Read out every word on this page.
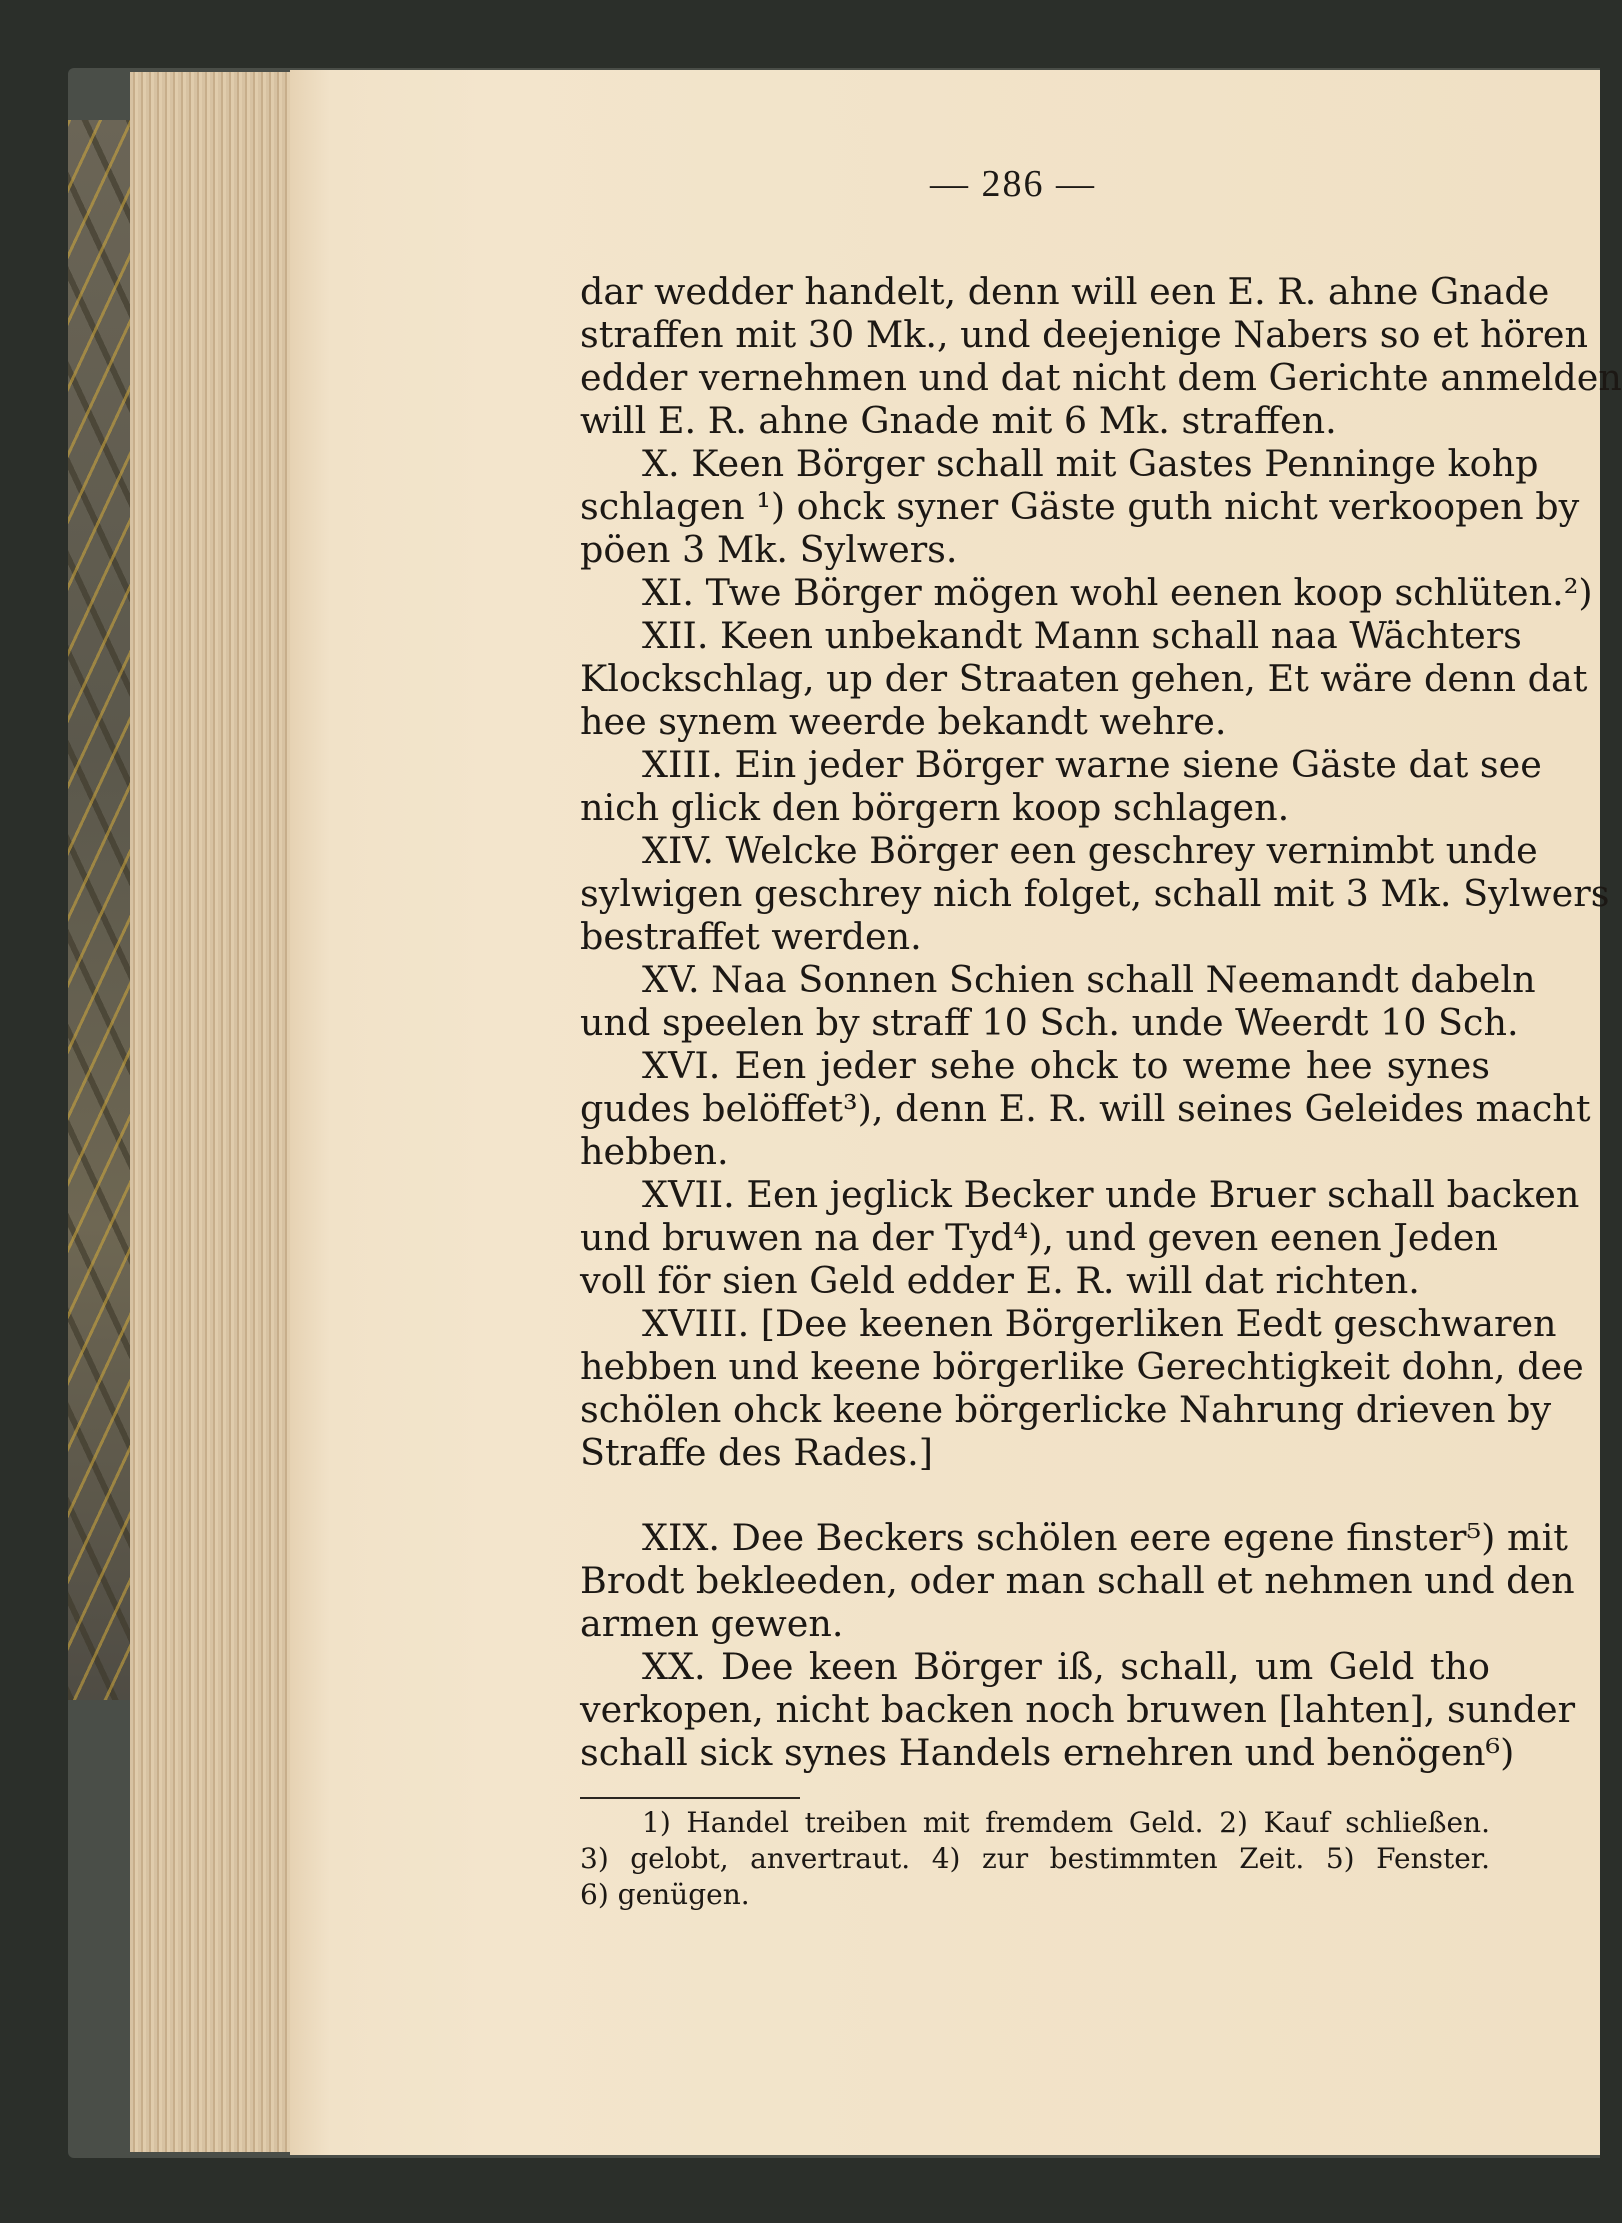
— 286 —
dar wedder handelt, denn will een E. R. ahne Gnade
straffen mit 30 Mk., und deejenige Nabers so et hören
edder vernehmen und dat nicht dem Gerichte anmelden
will E. R. ahne Gnade mit 6 Mk. straffen.
X. Keen Börger schall mit Gastes Penninge kohp
schlagen ¹) ohck syner Gäste guth nicht verkoopen by
pöen 3 Mk. Sylwers.
XI. Twe Börger mögen wohl eenen koop schlüten.²)
XII. Keen unbekandt Mann schall naa Wächters
Klockschlag, up der Straaten gehen, Et wäre denn dat
hee synem weerde bekandt wehre.
XIII. Ein jeder Börger warne siene Gäste dat see
nich glick den börgern koop schlagen.
XIV. Welcke Börger een geschrey vernimbt unde
sylwigen geschrey nich folget, schall mit 3 Mk. Sylwers
bestraffet werden.
XV. Naa Sonnen Schien schall Neemandt dabeln
und speelen by straff 10 Sch. unde Weerdt 10 Sch.
XVI. Een jeder sehe ohck to weme hee synes
gudes belöffet³), denn E. R. will seines Geleides macht
hebben.
XVII. Een jeglick Becker unde Bruer schall backen
und bruwen na der Tyd⁴), und geven eenen Jeden
voll för sien Geld edder E. R. will dat richten.
XVIII. [Dee keenen Börgerliken Eedt geschwaren
hebben und keene börgerlike Gerechtigkeit dohn, dee
schölen ohck keene börgerlicke Nahrung drieven by
Straffe des Rades.]
XIX. Dee Beckers schölen eere egene finster⁵) mit
Brodt bekleeden, oder man schall et nehmen und den
armen gewen.
XX. Dee keen Börger iß, schall, um Geld tho
verkopen, nicht backen noch bruwen [lahten], sunder
schall sick synes Handels ernehren und benögen⁶)
1) Handel treiben mit fremdem Geld. 2) Kauf schließen.
3) gelobt, anvertraut. 4) zur bestimmten Zeit. 5) Fenster.
6) genügen.
